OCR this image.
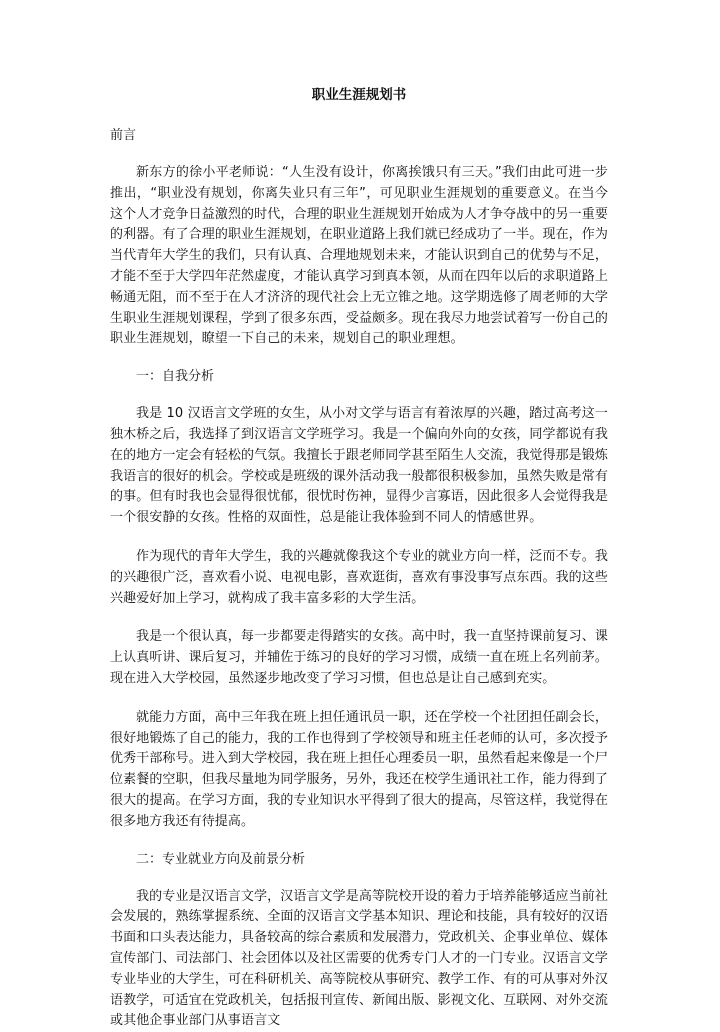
职业生涯规划书
前言

新东方的徐小平老师说：“人生没有设计，你离挨饿只有三天。”我们由此可进一步推出，“职业没有规划，你离失业只有三年”，可见职业生涯规划的重要意义。在当今这个人才竞争日益激烈的时代，合理的职业生涯规划开始成为人才争夺战中的另一重要的利器。有了合理的职业生涯规划，在职业道路上我们就已经成功了一半。现在，作为当代青年大学生的我们，只有认真、合理地规划未来，才能认识到自己的优势与不足，才能不至于大学四年茫然虚度，才能认真学习到真本领，从而在四年以后的求职道路上畅通无阻，而不至于在人才济济的现代社会上无立锥之地。这学期选修了周老师的大学生职业生涯规划课程，学到了很多东西，受益颇多。现在我尽力地尝试着写一份自己的职业生涯规划，瞭望一下自己的未来，规划自己的职业理想。

一：自我分析

我是 10 汉语言文学班的女生，从小对文学与语言有着浓厚的兴趣，踏过高考这一独木桥之后，我选择了到汉语言文学班学习。我是一个偏向外向的女孩，同学都说有我在的地方一定会有轻松的气氛。我擅长于跟老师同学甚至陌生人交流，我觉得那是锻炼我语言的很好的机会。学校或是班级的课外活动我一般都很积极参加，虽然失败是常有的事。但有时我也会显得很忧郁，很忧时伤神，显得少言寡语，因此很多人会觉得我是一个很安静的女孩。性格的双面性，总是能让我体验到不同人的情感世界。

作为现代的青年大学生，我的兴趣就像我这个专业的就业方向一样，泛而不专。我的兴趣很广泛，喜欢看小说、电视电影，喜欢逛街，喜欢有事没事写点东西。我的这些兴趣爱好加上学习，就构成了我丰富多彩的大学生活。

我是一个很认真，每一步都要走得踏实的女孩。高中时，我一直坚持课前复习、课上认真听讲、课后复习，并辅佐于练习的良好的学习习惯，成绩一直在班上名列前茅。现在进入大学校园，虽然逐步地改变了学习习惯，但也总是让自己感到充实。

就能力方面，高中三年我在班上担任通讯员一职，还在学校一个社团担任副会长，很好地锻炼了自己的能力，我的工作也得到了学校领导和班主任老师的认可，多次授予优秀干部称号。进入到大学校园，我在班上担任心理委员一职，虽然看起来像是一个尸位素餐的空职，但我尽量地为同学服务，另外，我还在校学生通讯社工作，能力得到了很大的提高。在学习方面，我的专业知识水平得到了很大的提高，尽管这样，我觉得在很多地方我还有待提高。

二：专业就业方向及前景分析

我的专业是汉语言文学，汉语言文学是高等院校开设的着力于培养能够适应当前社会发展的，熟练掌握系统、全面的汉语言文学基本知识、理论和技能，具有较好的汉语书面和口头表达能力，具备较高的综合素质和发展潜力，党政机关、企事业单位、媒体宣传部门、司法部门、社会团体以及社区需要的优秀专门人才的一门专业。汉语言文学专业毕业的大学生，可在科研机关、高等院校从事研究、教学工作、有的可从事对外汉语教学，可适宜在党政机关，包括报刊宣传、新闻出版、影视文化、互联网、对外交流或其他企事业部门从事语言文
